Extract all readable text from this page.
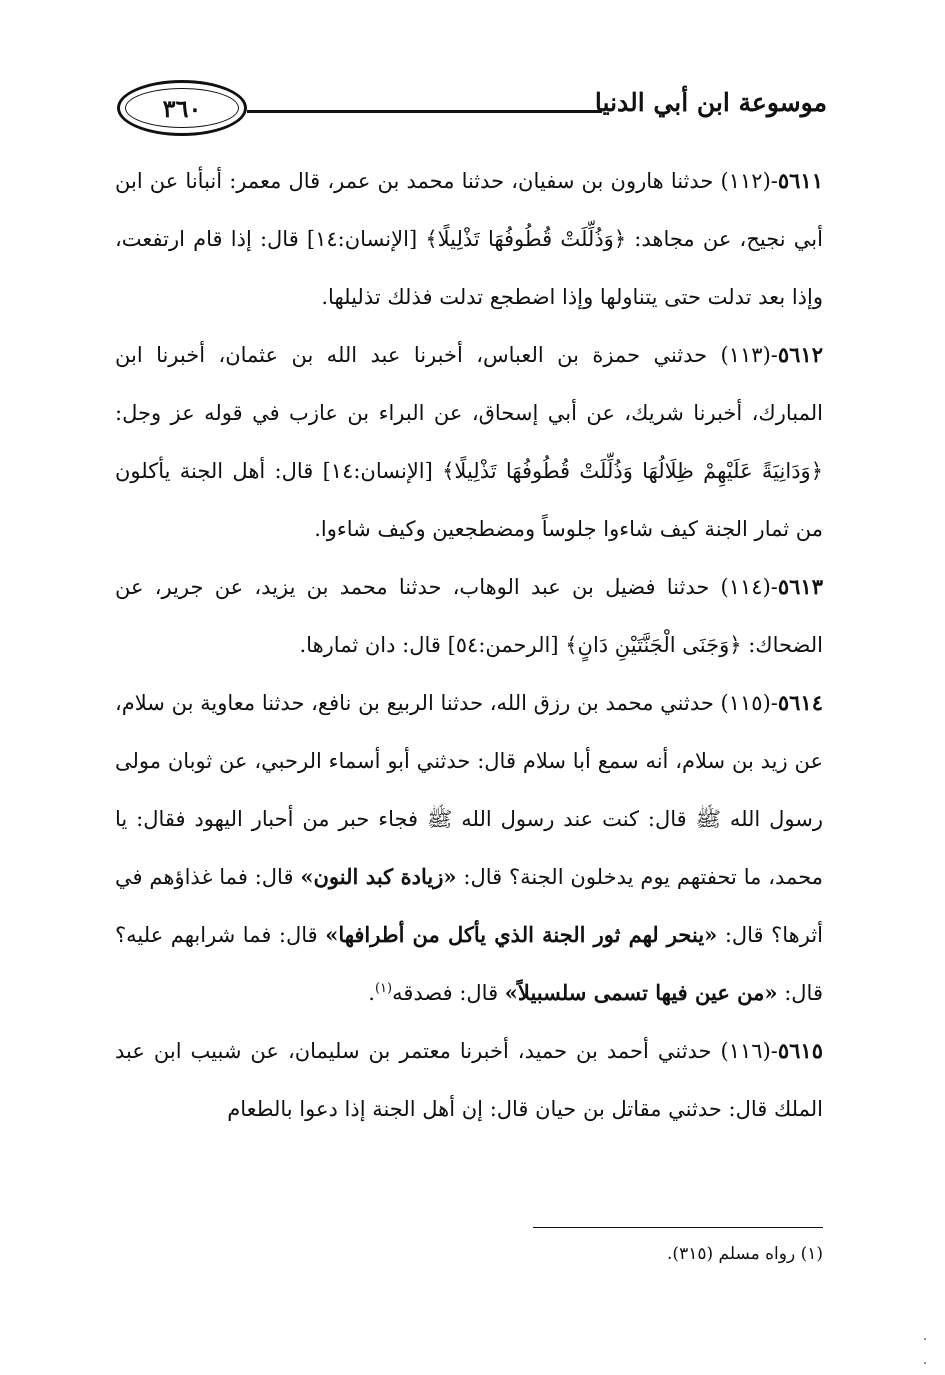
٣٦٠	موسوعة ابن أبي الدنيا

٥٦١١-(١١٢) حدثنا هارون بن سفيان، حدثنا محمد بن عمر، قال معمر: أنبأنا عن ابن أبي نجيح، عن مجاهد: ﴿وَذُلِّلَتْ قُطُوفُهَا تَذْلِيلًا﴾ [الإنسان:١٤] قال: إذا قام ارتفعت، وإذا بعد تدلت حتى يتناولها وإذا اضطجع تدلت فذلك تذليلها.

٥٦١٢-(١١٣) حدثني حمزة بن العباس، أخبرنا عبد الله بن عثمان، أخبرنا ابن المبارك، أخبرنا شريك، عن أبي إسحاق، عن البراء بن عازب في قوله عز وجل: ﴿وَدَانِيَةً عَلَيْهِمْ ظِلَالُهَا وَذُلِّلَتْ قُطُوفُهَا تَذْلِيلًا﴾ [الإنسان:١٤] قال: أهل الجنة يأكلون من ثمار الجنة كيف شاءوا جلوساً ومضطجعين وكيف شاءوا.

٥٦١٣-(١١٤) حدثنا فضيل بن عبد الوهاب، حدثنا محمد بن يزيد، عن جرير، عن الضحاك: ﴿وَجَنَى الْجَنَّتَيْنِ دَانٍ﴾ [الرحمن:٥٤] قال: دان ثمارها.

٥٦١٤-(١١٥) حدثني محمد بن رزق الله، حدثنا الربيع بن نافع، حدثنا معاوية بن سلام، عن زيد بن سلام، أنه سمع أبا سلام قال: حدثني أبو أسماء الرحبي، عن ثوبان مولى رسول الله ﷺ قال: كنت عند رسول الله ﷺ فجاء حبر من أحبار اليهود فقال: يا محمد، ما تحفتهم يوم يدخلون الجنة؟ قال: «زيادة كبد النون» قال: فما غذاؤهم في أثرها؟ قال: «ينحر لهم ثور الجنة الذي يأكل من أطرافها» قال: فما شرابهم عليه؟ قال: «من عين فيها تسمى سلسبيلاً» قال: فصدقه$^{(١)}$.

٥٦١٥-(١١٦) حدثني أحمد بن حميد، أخبرنا معتمر بن سليمان، عن شبيب ابن عبد الملك قال: حدثني مقاتل بن حيان قال: إن أهل الجنة إذا دعوا بالطعام

(١) رواه مسلم (٣١٥).
